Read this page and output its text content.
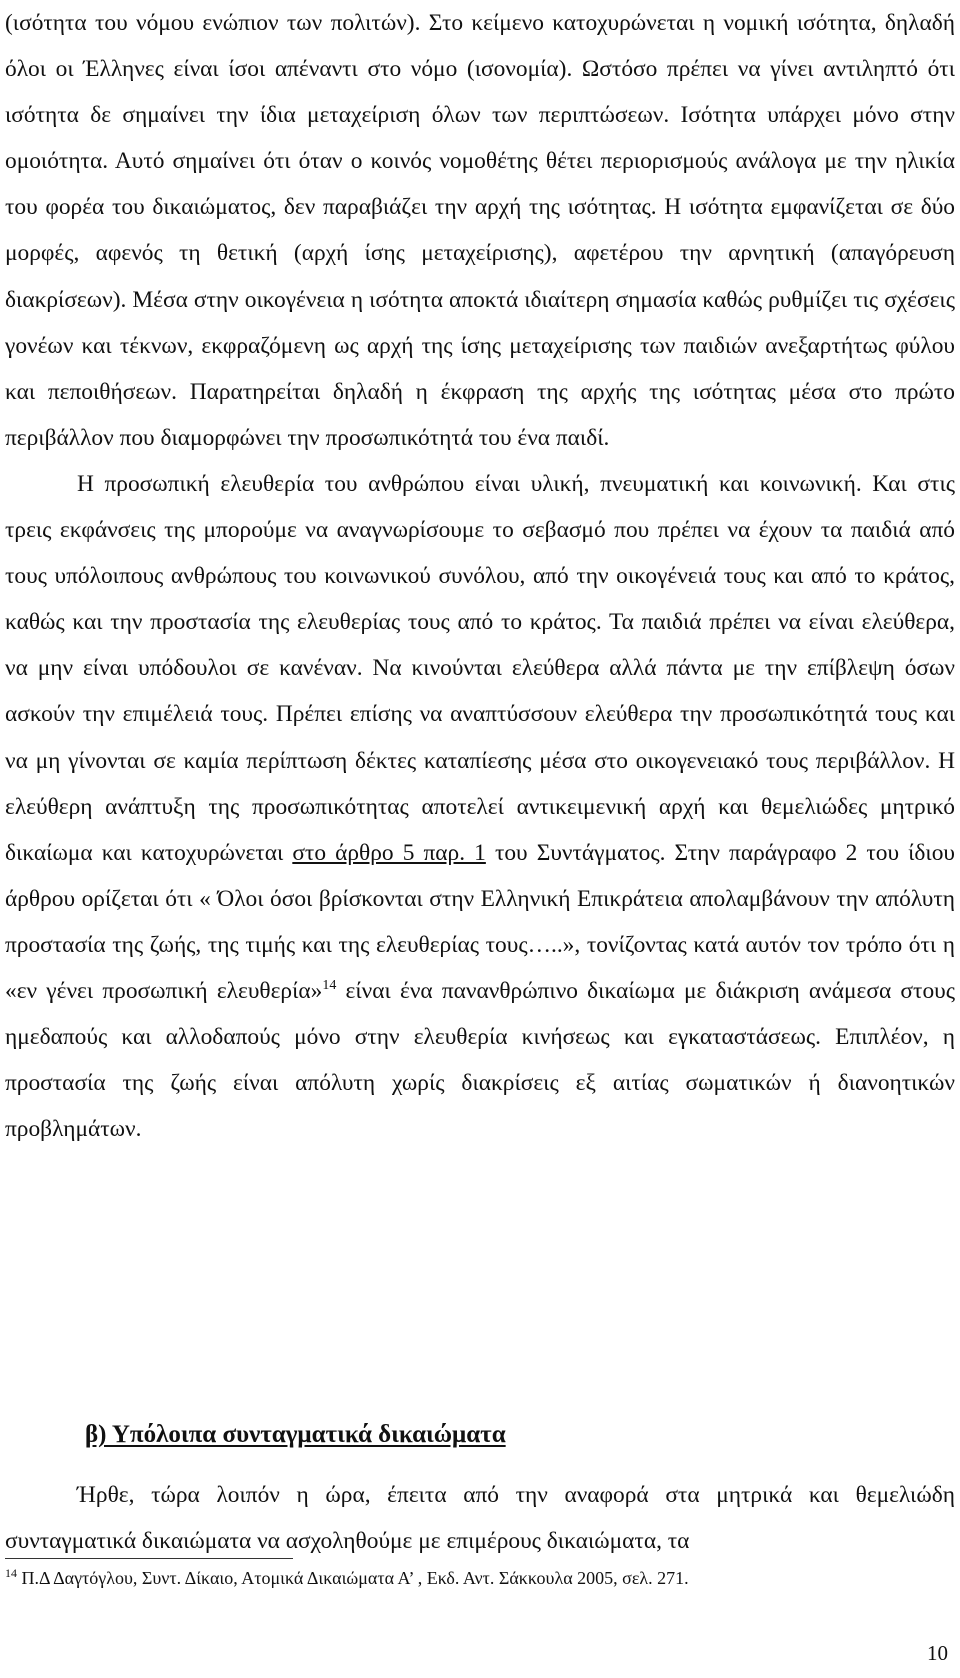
(ισότητα του νόμου ενώπιον των πολιτών). Στο κείμενο κατοχυρώνεται η νομική ισότητα, δηλαδή όλοι οι Έλληνες είναι ίσοι απέναντι στο νόμο (ισονομία). Ωστόσο πρέπει να γίνει αντιληπτό ότι ισότητα δε σημαίνει την ίδια μεταχείριση όλων των περιπτώσεων. Ισότητα υπάρχει μόνο στην ομοιότητα. Αυτό σημαίνει ότι όταν ο κοινός νομοθέτης θέτει περιορισμούς ανάλογα με την ηλικία του φορέα του δικαιώματος, δεν παραβιάζει την αρχή της ισότητας. Η ισότητα εμφανίζεται σε δύο μορφές, αφενός τη θετική (αρχή ίσης μεταχείρισης), αφετέρου την αρνητική (απαγόρευση διακρίσεων). Μέσα στην οικογένεια η ισότητα αποκτά ιδιαίτερη σημασία καθώς ρυθμίζει τις σχέσεις γονέων και τέκνων, εκφραζόμενη ως αρχή της ίσης μεταχείρισης των παιδιών ανεξαρτήτως φύλου και πεποιθήσεων. Παρατηρείται δηλαδή η έκφραση της αρχής της ισότητας μέσα στο πρώτο περιβάλλον που διαμορφώνει την προσωπικότητά του ένα παιδί.

Η προσωπική ελευθερία του ανθρώπου είναι υλική, πνευματική και κοινωνική. Και στις τρεις εκφάνσεις της μπορούμε να αναγνωρίσουμε το σεβασμό που πρέπει να έχουν τα παιδιά από τους υπόλοιπους ανθρώπους του κοινωνικού συνόλου, από την οικογένειά τους και από το κράτος, καθώς και την προστασία της ελευθερίας τους από το κράτος. Τα παιδιά πρέπει να είναι ελεύθερα, να μην είναι υπόδουλοι σε κανέναν. Να κινούνται ελεύθερα αλλά πάντα με την επίβλεψη όσων ασκούν την επιμέλειά τους. Πρέπει επίσης να αναπτύσσουν ελεύθερα την προσωπικότητά τους και να μη γίνονται σε καμία περίπτωση δέκτες καταπίεσης μέσα στο οικογενειακό τους περιβάλλον. Η ελεύθερη ανάπτυξη της προσωπικότητας αποτελεί αντικειμενική αρχή και θεμελιώδες μητρικό δικαίωμα και κατοχυρώνεται στο άρθρο 5 παρ. 1 του Συντάγματος. Στην παράγραφο 2 του ίδιου άρθρου ορίζεται ότι « Όλοι όσοι βρίσκονται στην Ελληνική Επικράτεια απολαμβάνουν την απόλυτη προστασία της ζωής, της τιμής και της ελευθερίας τους…..», τονίζοντας κατά αυτόν τον τρόπο ότι η «εν γένει προσωπική ελευθερία»$^{14}$ είναι ένα πανανθρώπινο δικαίωμα με διάκριση ανάμεσα στους ημεδαπούς και αλλοδαπούς μόνο στην ελευθερία κινήσεως και εγκαταστάσεως. Επιπλέον, η προστασία της ζωής είναι απόλυτη χωρίς διακρίσεις εξ αιτίας σωματικών ή διανοητικών προβλημάτων.

β) Υπόλοιπα συνταγματικά δικαιώματα

Ήρθε, τώρα λοιπόν η ώρα, έπειτα από την αναφορά στα μητρικά και θεμελιώδη συνταγματικά δικαιώματα να ασχοληθούμε με επιμέρους δικαιώματα, τα

$^{14}$ Π.Δ Δαγτόγλου, Συντ. Δίκαιο, Ατομικά Δικαιώματα Α’ , Εκδ. Αντ. Σάκκουλα 2005, σελ. 271.

10
